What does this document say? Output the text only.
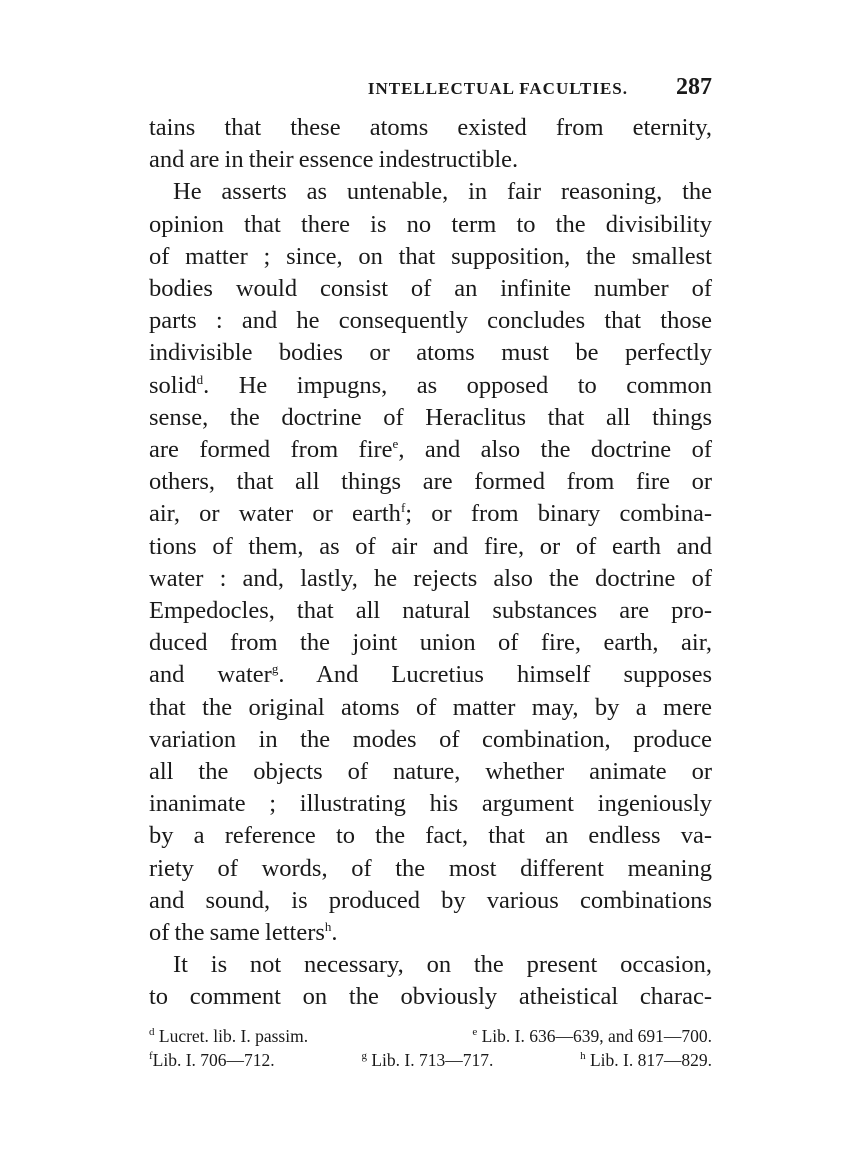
INTELLECTUAL FACULTIES. 287
tains that these atoms existed from eternity,
and are in their essence indestructible.
He asserts as untenable, in fair reasoning, the
opinion that there is no term to the divisibility
of matter ; since, on that supposition, the smallest
bodies would consist of an infinite number of
parts : and he consequently concludes that those
indivisible bodies or atoms must be perfectly
solid$^d$. He impugns, as opposed to common
sense, the doctrine of Heraclitus that all things
are formed from fire$^e$, and also the doctrine of
others, that all things are formed from fire or
air, or water or earth$^f$; or from binary combina-
tions of them, as of air and fire, or of earth and
water : and, lastly, he rejects also the doctrine of
Empedocles, that all natural substances are pro-
duced from the joint union of fire, earth, air,
and water$^g$. And Lucretius himself supposes
that the original atoms of matter may, by a mere
variation in the modes of combination, produce
all the objects of nature, whether animate or
inanimate ; illustrating his argument ingeniously
by a reference to the fact, that an endless va-
riety of words, of the most different meaning
and sound, is produced by various combinations
of the same letters$^h$.
It is not necessary, on the present occasion,
to comment on the obviously atheistical charac-
$^d$ Lucret. lib. I. passim.	$^e$ Lib. I. 636—639, and 691—700.
$^f$Lib. I. 706—712.	$^g$ Lib. I. 713—717.	$^h$ Lib. I. 817—829.
